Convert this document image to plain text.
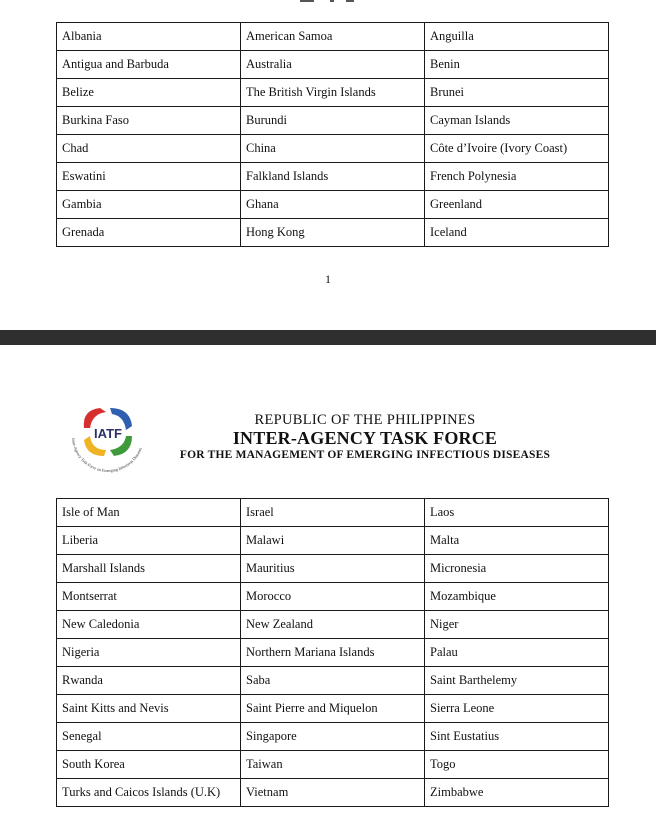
Albania	American Samoa	Anguilla
Antigua and Barbuda	Australia	Benin
Belize	The British Virgin Islands	Brunei
Burkina Faso	Burundi	Cayman Islands
Chad	China	Côte d’Ivoire (Ivory Coast)
Eswatini	Falkland Islands	French Polynesia
Gambia	Ghana	Greenland
Grenada	Hong Kong	Iceland
1
IATF
Inter-Agency Task Force on Emerging Infectious Diseases
REPUBLIC OF THE PHILIPPINES
INTER-AGENCY TASK FORCE
FOR THE MANAGEMENT OF EMERGING INFECTIOUS DISEASES
Isle of Man	Israel	Laos
Liberia	Malawi	Malta
Marshall Islands	Mauritius	Micronesia
Montserrat	Morocco	Mozambique
New Caledonia	New Zealand	Niger
Nigeria	Northern Mariana Islands	Palau
Rwanda	Saba	Saint Barthelemy
Saint Kitts and Nevis	Saint Pierre and Miquelon	Sierra Leone
Senegal	Singapore	Sint Eustatius
South Korea	Taiwan	Togo
Turks and Caicos Islands (U.K)	Vietnam	Zimbabwe
